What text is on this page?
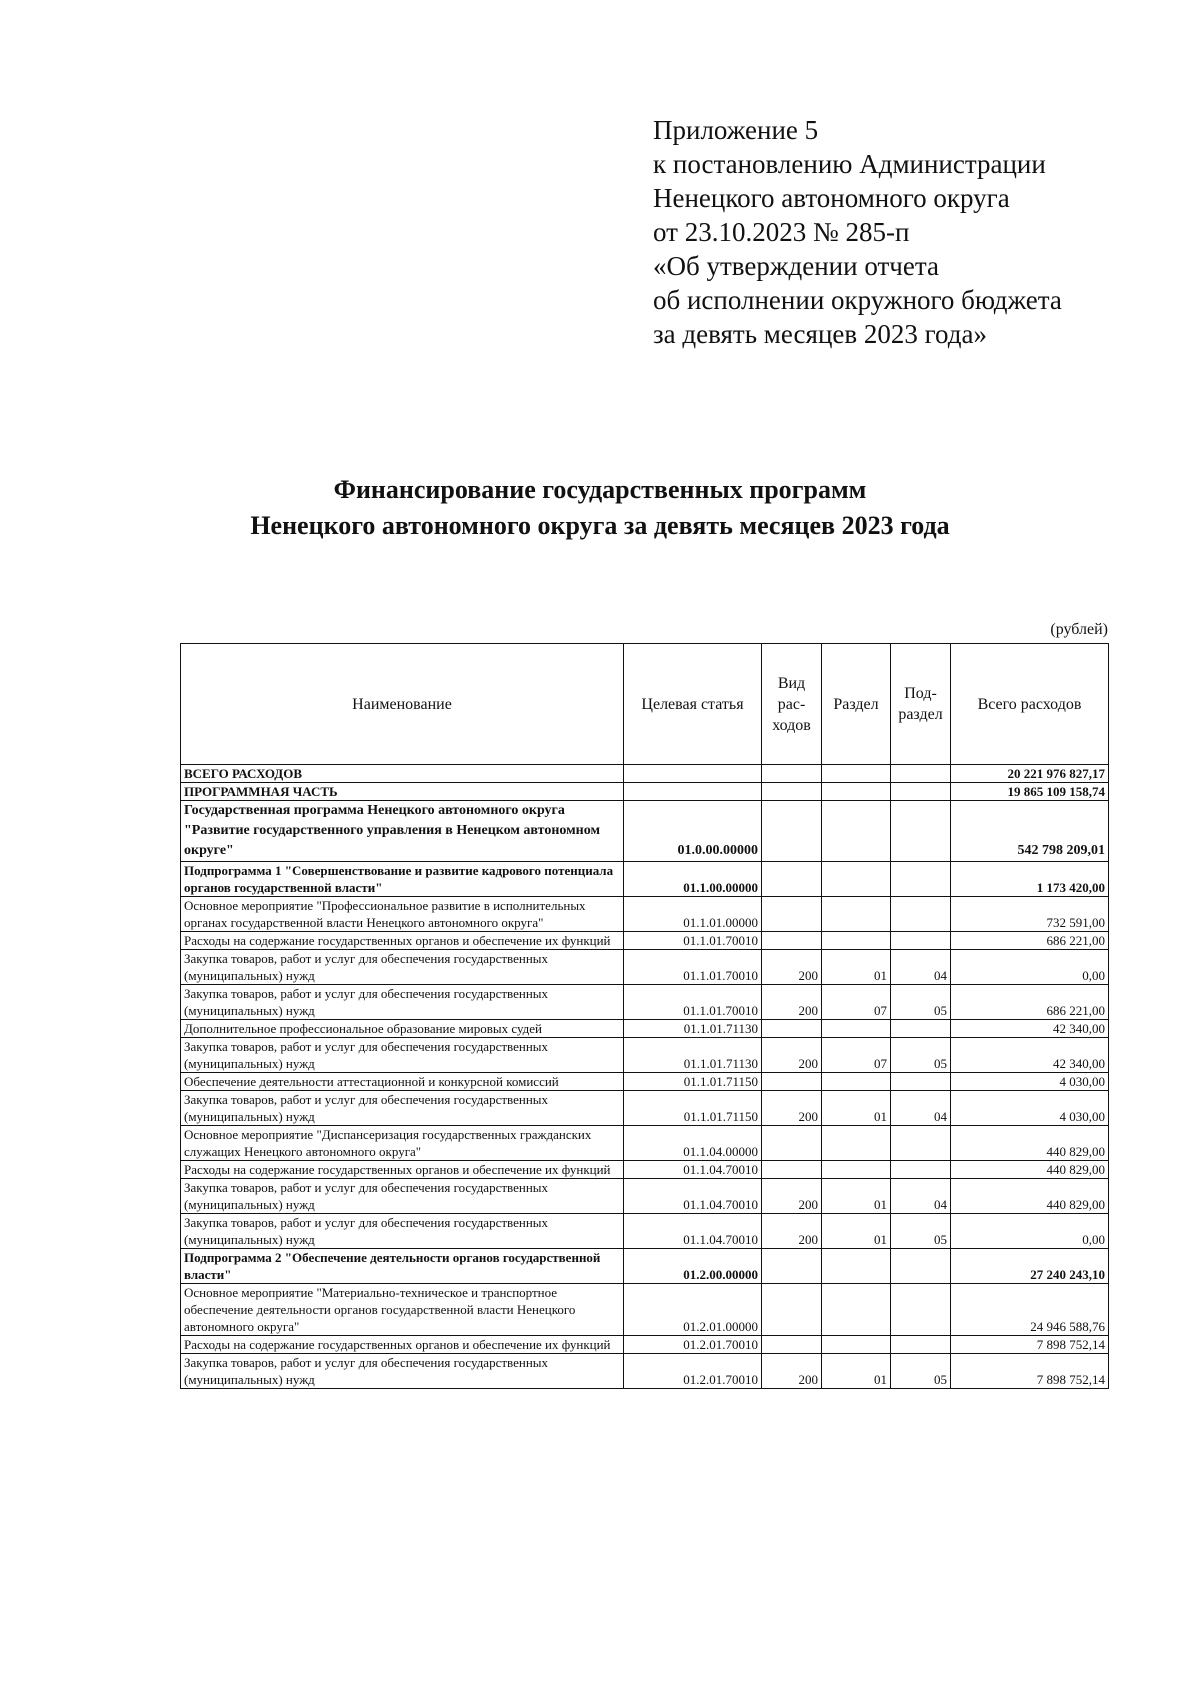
Приложение 5
к постановлению Администрации
Ненецкого автономного округа
от 23.10.2023 № 285-п
«Об утверждении отчета
об исполнении окружного бюджета
за девять месяцев 2023 года»
Финансирование государственных программ
Ненецкого автономного округа за девять месяцев 2023 года
(рублей)
Наименование	Целевая статья	Вид рас- ходов	Раздел	Под- раздел	Всего расходов
ВСЕГО РАСХОДОВ					20 221 976 827,17
ПРОГРАММНАЯ ЧАСТЬ					19 865 109 158,74
Государственная программа Ненецкого автономного округа "Развитие государственного управления в Ненецком автономном округе"	01.0.00.00000				542 798 209,01
Подпрограмма 1 "Совершенствование и развитие кадрового потенциала органов государственной власти"	01.1.00.00000				1 173 420,00
Основное мероприятие "Профессиональное развитие в исполнительных органах государственной власти Ненецкого автономного округа"	01.1.01.00000				732 591,00
Расходы на содержание государственных органов и обеспечение их функций	01.1.01.70010				686 221,00
Закупка товаров, работ и услуг для обеспечения государственных (муниципальных) нужд	01.1.01.70010	200	01	04	0,00
Закупка товаров, работ и услуг для обеспечения государственных (муниципальных) нужд	01.1.01.70010	200	07	05	686 221,00
Дополнительное профессиональное образование мировых судей	01.1.01.71130				42 340,00
Закупка товаров, работ и услуг для обеспечения государственных (муниципальных) нужд	01.1.01.71130	200	07	05	42 340,00
Обеспечение деятельности аттестационной и конкурсной комиссий	01.1.01.71150				4 030,00
Закупка товаров, работ и услуг для обеспечения государственных (муниципальных) нужд	01.1.01.71150	200	01	04	4 030,00
Основное мероприятие "Диспансеризация государственных гражданских служащих Ненецкого автономного округа"	01.1.04.00000				440 829,00
Расходы на содержание государственных органов и обеспечение их функций	01.1.04.70010				440 829,00
Закупка товаров, работ и услуг для обеспечения государственных (муниципальных) нужд	01.1.04.70010	200	01	04	440 829,00
Закупка товаров, работ и услуг для обеспечения государственных (муниципальных) нужд	01.1.04.70010	200	01	05	0,00
Подпрограмма 2 "Обеспечение деятельности органов государственной власти"	01.2.00.00000				27 240 243,10
Основное мероприятие "Материально-техническое и транспортное обеспечение деятельности органов государственной власти Ненецкого автономного округа"	01.2.01.00000				24 946 588,76
Расходы на содержание государственных органов и обеспечение их функций	01.2.01.70010				7 898 752,14
Закупка товаров, работ и услуг для обеспечения государственных (муниципальных) нужд	01.2.01.70010	200	01	05	7 898 752,14
